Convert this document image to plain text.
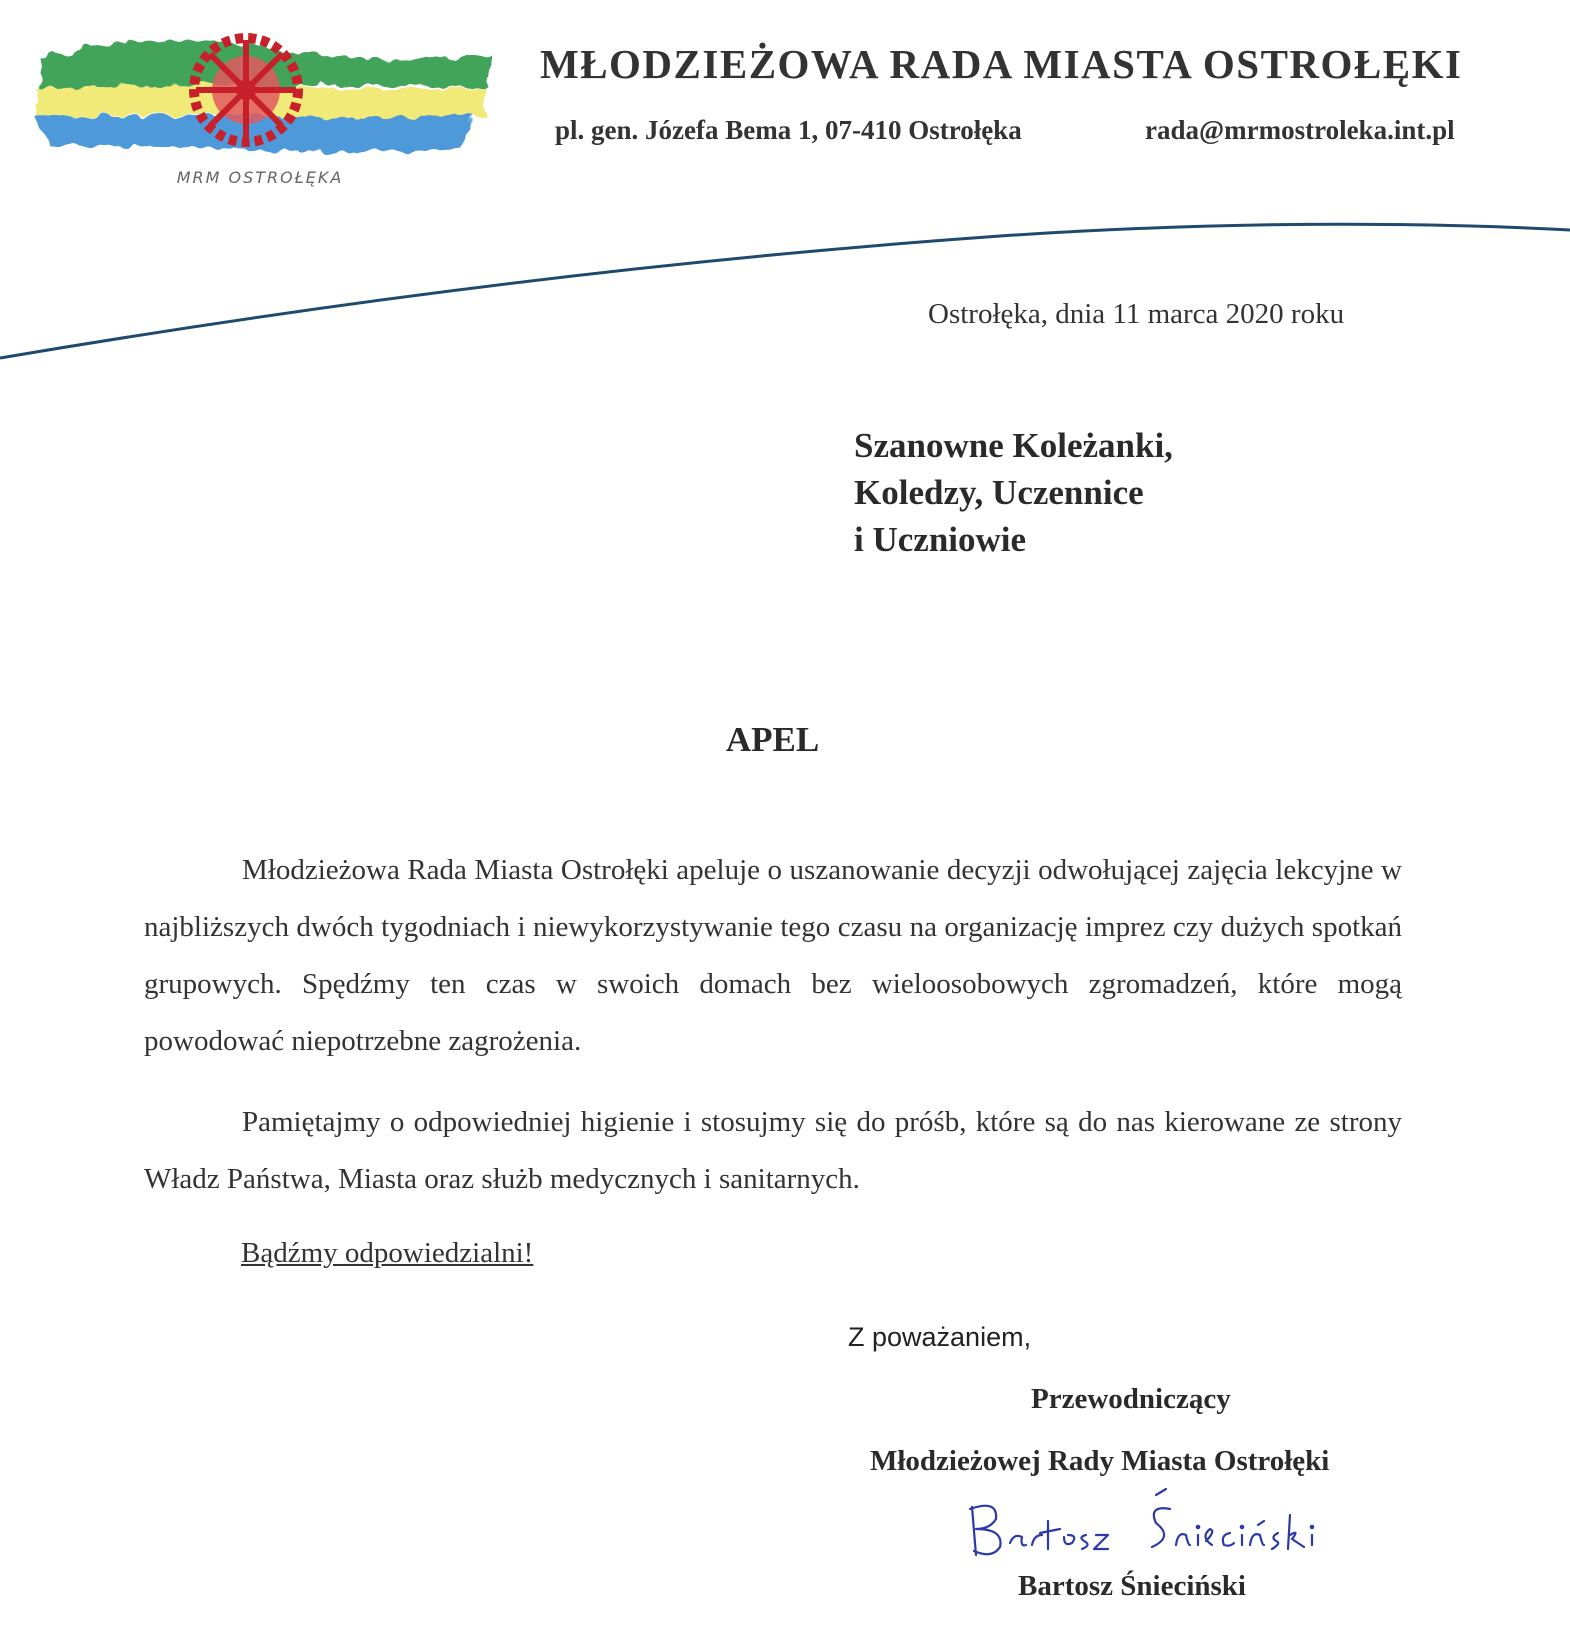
MRM OSTROŁĘKA
MŁODZIEŻOWA RADA MIASTA OSTROŁĘKI
pl. gen. Józefa Bema 1, 07-410 Ostrołęka	rada@mrmostroleka.int.pl
Ostrołęka, dnia 11 marca 2020 roku
Szanowne Koleżanki,
Koledzy, Uczennice
i Uczniowie
APEL
Młodzieżowa Rada Miasta Ostrołęki apeluje o uszanowanie decyzji odwołującej zajęcia lekcyjne w najbliższych dwóch tygodniach i niewykorzystywanie tego czasu na organizację imprez czy dużych spotkań grupowych. Spędźmy ten czas w swoich domach bez wieloosobowych zgromadzeń, które mogą powodować niepotrzebne zagrożenia.
Pamiętajmy o odpowiedniej higienie i stosujmy się do próśb, które są do nas kierowane ze strony Władz Państwa, Miasta oraz służb medycznych i sanitarnych.
Bądźmy odpowiedzialni!
Z poważaniem,
Przewodniczący
Młodzieżowej Rady Miasta Ostrołęki
Bartosz Śnieciński
